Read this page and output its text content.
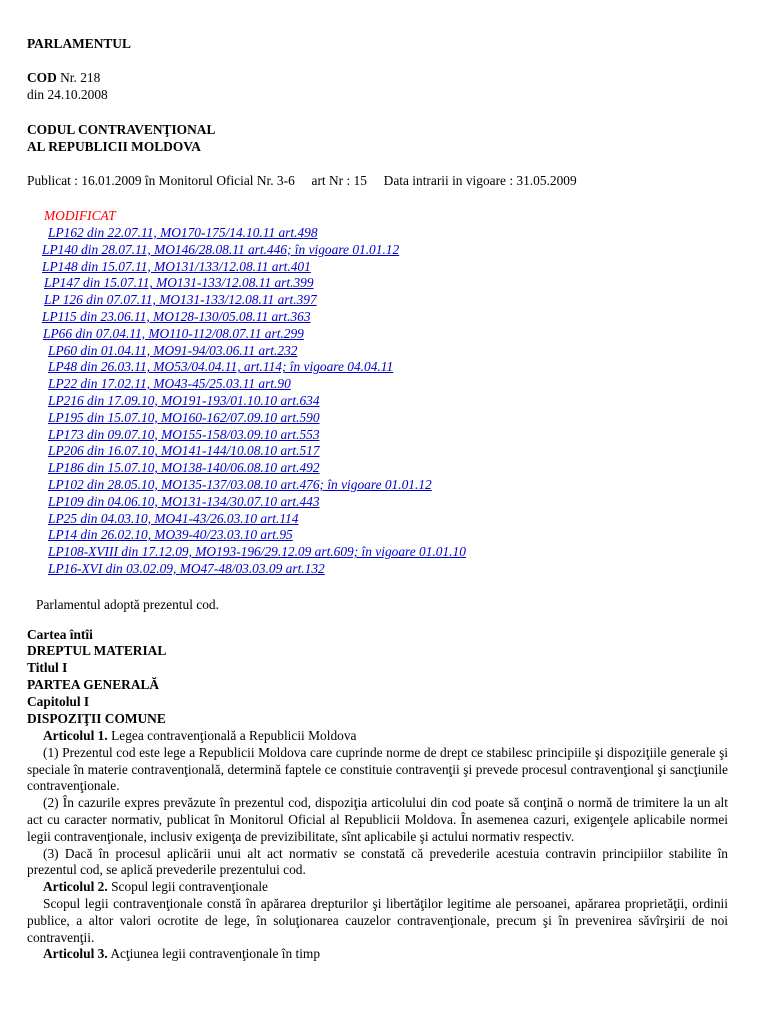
PARLAMENTUL
COD Nr. 218
din 24.10.2008
CODUL CONTRAVENŢIONAL
AL REPUBLICII MOLDOVA
Publicat : 16.01.2009 în Monitorul Oficial Nr. 3-6     art Nr : 15     Data intrarii in vigoare : 31.05.2009
MODIFICAT
LP162 din 22.07.11, MO170-175/14.10.11 art.498
LP140 din 28.07.11, MO146/28.08.11 art.446; în vigoare 01.01.12
LP148 din 15.07.11, MO131/133/12.08.11 art.401
LP147 din 15.07.11, MO131-133/12.08.11 art.399
LP 126 din 07.07.11, MO131-133/12.08.11 art.397
LP115 din 23.06.11, MO128-130/05.08.11 art.363
LP66 din 07.04.11, MO110-112/08.07.11 art.299
LP60 din 01.04.11, MO91-94/03.06.11 art.232
LP48 din 26.03.11, MO53/04.04.11, art.114; în vigoare 04.04.11
LP22 din 17.02.11, MO43-45/25.03.11 art.90
LP216 din 17.09.10, MO191-193/01.10.10 art.634
LP195 din 15.07.10, MO160-162/07.09.10 art.590
LP173 din 09.07.10, MO155-158/03.09.10 art.553
LP206 din 16.07.10, MO141-144/10.08.10 art.517
LP186 din 15.07.10, MO138-140/06.08.10 art.492
LP102 din 28.05.10, MO135-137/03.08.10 art.476; în vigoare 01.01.12
LP109 din 04.06.10, MO131-134/30.07.10 art.443
LP25 din 04.03.10, MO41-43/26.03.10 art.114
LP14 din 26.02.10, MO39-40/23.03.10 art.95
LP108-XVIII din 17.12.09, MO193-196/29.12.09 art.609; în vigoare 01.01.10
LP16-XVI din 03.02.09, MO47-48/03.03.09 art.132
Parlamentul adoptă prezentul cod.
Cartea întîi
DREPTUL MATERIAL
Titlul I
PARTEA GENERALĂ
Capitolul I
DISPOZIŢII COMUNE
Articolul 1. Legea contravenţională a Republicii Moldova
(1) Prezentul cod este lege a Republicii Moldova care cuprinde norme de drept ce stabilesc principiile şi dispoziţiile generale şi speciale în materie contravenţională, determină faptele ce constituie contravenţii şi prevede procesul contravenţional şi sancţiunile contravenţionale.
(2) În cazurile expres prevăzute în prezentul cod, dispoziţia articolului din cod poate să conţină o normă de trimitere la un alt act cu caracter normativ, publicat în Monitorul Oficial al Republicii Moldova. În asemenea cazuri, exigenţele aplicabile normei legii contravenţionale, inclusiv exigenţa de previzibilitate, sînt aplicabile şi actului normativ respectiv.
(3) Dacă în procesul aplicării unui alt act normativ se constată că prevederile acestuia contravin principiilor stabilite în prezentul cod, se aplică prevederile prezentului cod.
Articolul 2. Scopul legii contravenţionale
Scopul legii contravenţionale constă în apărarea drepturilor şi libertăţilor legitime ale persoanei, apărarea proprietăţii, ordinii publice, a altor valori ocrotite de lege, în soluţionarea cauzelor contravenţionale, precum şi în prevenirea săvîrşirii de noi contravenţii.
Articolul 3. Acţiunea legii contravenţionale în timp
